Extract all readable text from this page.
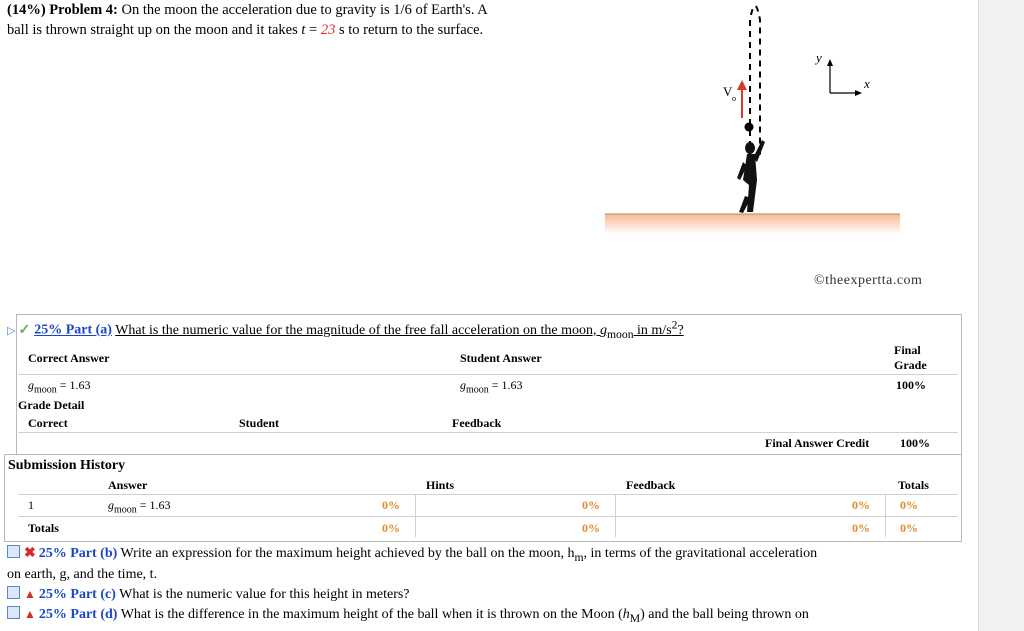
(14%) Problem 4: On the moon the acceleration due to gravity is 1/6 of Earth's. A
ball is thrown straight up on the moon and it takes t = 23 s to return to the surface.
V o
y
x
©theexpertta.com
▷ ✓ 25% Part (a) What is the numeric value for the magnitude of the free fall acceleration on the moon, $g_{moon}$ in $m/s^2$?
Correct Answer	Student Answer
Final
Grade
$g_{moon} = 1.63$	$g_{moon} = 1.63$	100%
Grade Detail
Correct	Student	Feedback
Final Answer Credit	100%
Submission History
Answer	Hints	Feedback	Totals
1	$g_{moon} = 1.63$	0%	0%	0%	0%
Totals	0%	0%	0%	0%
✖ 25% Part (b) Write an expression for the maximum height achieved by the ball on the moon, $h_m$, in terms of the gravitational acceleration
on earth, g, and the time, t.
▲ 25% Part (c) What is the numeric value for this height in meters?
▲ 25% Part (d) What is the difference in the maximum height of the ball when it is thrown on the Moon $(h_M)$ and the ball being thrown on
